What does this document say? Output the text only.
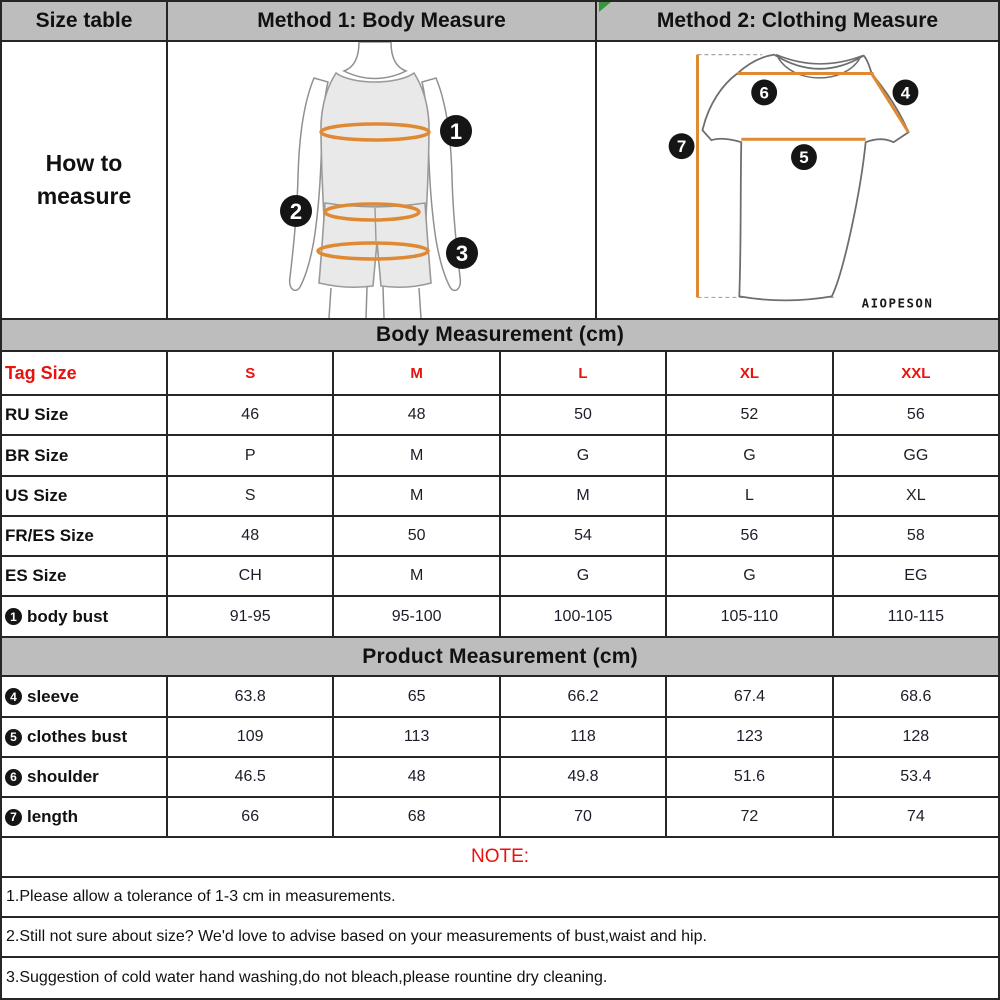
Size table	Method 1: Body Measure	Method 2: Clothing Measure
How to
measure
1
2
3
6	4
5
7
AIOPESON
Body Measurement (cm)
Tag Size	S	M	L	XL	XXL
RU Size	46	48	50	52	56
BR Size	P	M	G	G	GG
US Size	S	M	M	L	XL
FR/ES Size	48	50	54	56	58
ES Size	CH	M	G	G	EG
1 body bust	91-95	95-100	100-105	105-110	110-115
Product Measurement (cm)
4 sleeve	63.8	65	66.2	67.4	68.6
5 clothes bust	109	113	118	123	128
6 shoulder	46.5	48	49.8	51.6	53.4
7 length	66	68	70	72	74
NOTE:
1.Please allow a tolerance of 1-3 cm in measurements.
2.Still not sure about size? We'd love to advise based on your measurements of bust,waist and hip.
3.Suggestion of cold water hand washing,do not bleach,please rountine dry cleaning.
